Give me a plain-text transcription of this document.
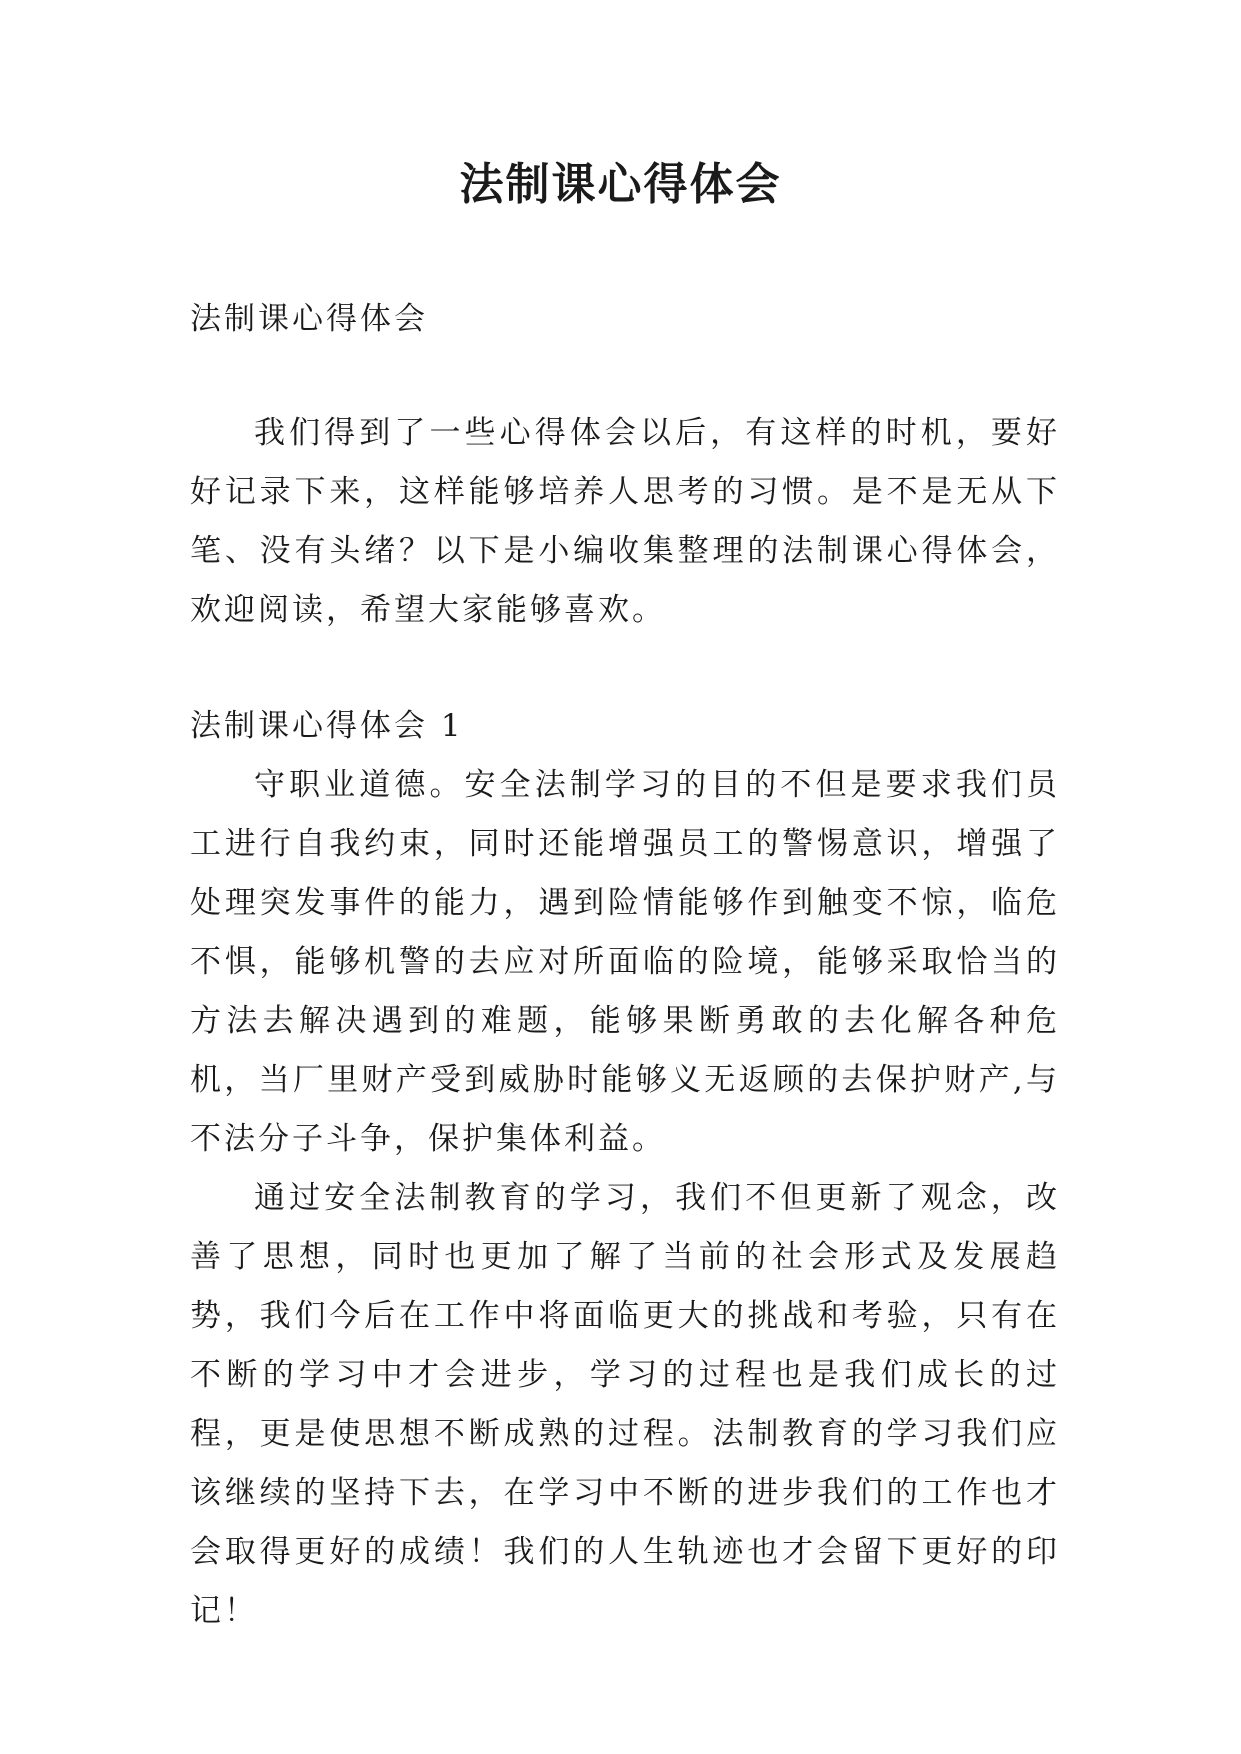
法制课心得体会

法制课心得体会

我们得到了一些心得体会以后，有这样的时机，要好好记录下来，这样能够培养人思考的习惯。是不是无从下笔、没有头绪？以下是小编收集整理的法制课心得体会，欢迎阅读，希望大家能够喜欢。

法制课心得体会 1

守职业道德。安全法制学习的目的不但是要求我们员工进行自我约束，同时还能增强员工的警惕意识，增强了处理突发事件的能力，遇到险情能够作到触变不惊，临危不惧，能够机警的去应对所面临的险境，能够采取恰当的方法去解决遇到的难题，能够果断勇敢的去化解各种危机，当厂里财产受到威胁时能够义无返顾的去保护财产,与不法分子斗争，保护集体利益。

通过安全法制教育的学习，我们不但更新了观念，改善了思想，同时也更加了解了当前的社会形式及发展趋势，我们今后在工作中将面临更大的挑战和考验，只有在不断的学习中才会进步，学习的过程也是我们成长的过程，更是使思想不断成熟的过程。法制教育的学习我们应该继续的坚持下去，在学习中不断的进步我们的工作也才会取得更好的成绩！我们的人生轨迹也才会留下更好的印记！
